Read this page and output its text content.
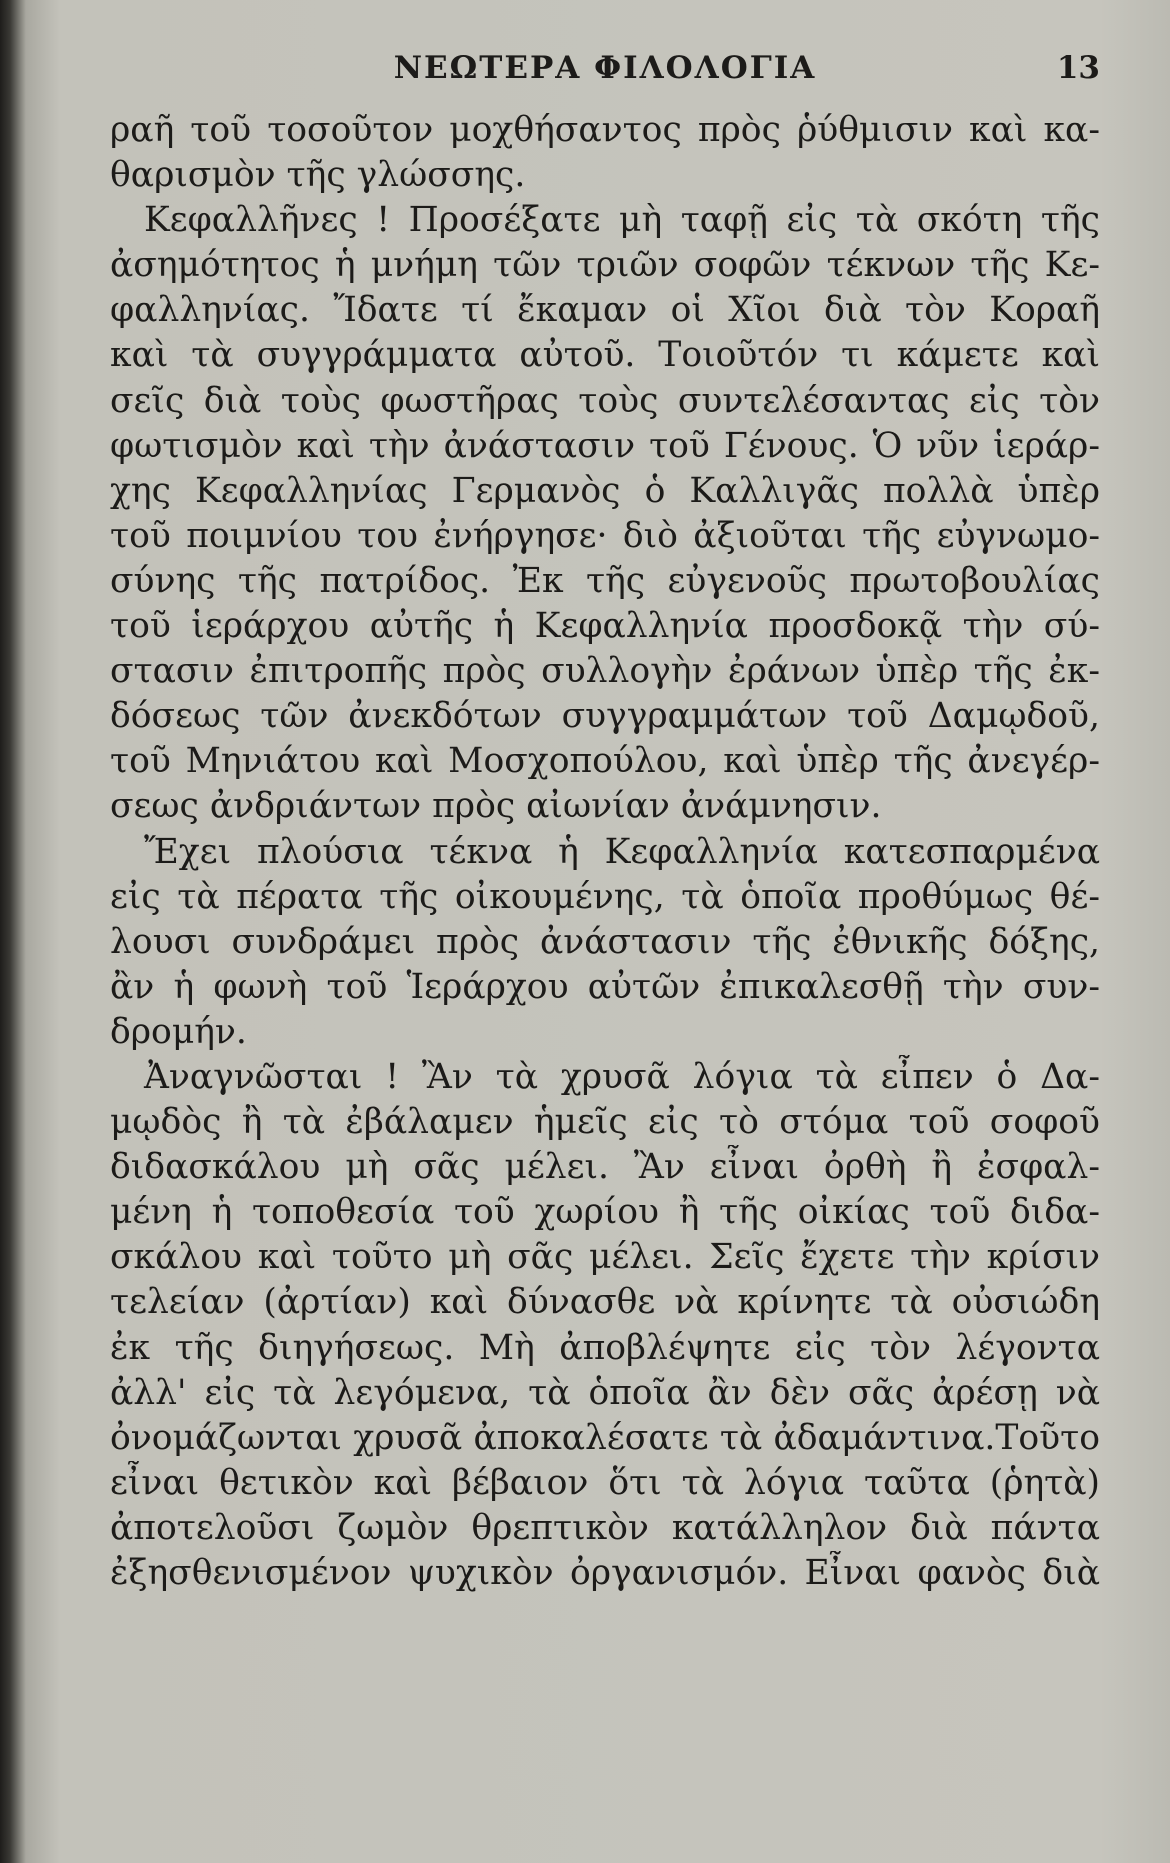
ΝΕΩΤΕΡΑ ΦΙΛΟΛΟΓΙΑ	13
ραῆ τοῦ τοσοῦτον μοχθήσαντος πρὸς ῥύθμισιν καὶ κα-
θαρισμὸν τῆς γλώσσης.
Κεφαλλῆνες ! Προσέξατε μὴ ταφῇ εἰς τὰ σκότη τῆς
ἀσημότητος ἡ μνήμη τῶν τριῶν σοφῶν τέκνων τῆς Κε-
φαλληνίας. Ἴδατε τί ἔκαμαν οἱ Χῖοι διὰ τὸν Κοραῆ
καὶ τὰ συγγράμματα αὐτοῦ. Τοιοῦτόν τι κάμετε καὶ
σεῖς διὰ τοὺς φωστῆρας τοὺς συντελέσαντας εἰς τὸν
φωτισμὸν καὶ τὴν ἀνάστασιν τοῦ Γένους. Ὁ νῦν ἱεράρ-
χης Κεφαλληνίας Γερμανὸς ὁ Καλλιγᾶς πολλὰ ὑπὲρ
τοῦ ποιμνίου του ἐνήργησε· διὸ ἀξιοῦται τῆς εὐγνωμο-
σύνης τῆς πατρίδος. Ἐκ τῆς εὐγενοῦς πρωτοβουλίας
τοῦ ἱεράρχου αὐτῆς ἡ Κεφαλληνία προσδοκᾷ τὴν σύ-
στασιν ἐπιτροπῆς πρὸς συλλογὴν ἐράνων ὑπὲρ τῆς ἐκ-
δόσεως τῶν ἀνεκδότων συγγραμμάτων τοῦ Δαμῳδοῦ,
τοῦ Μηνιάτου καὶ Μοσχοπούλου, καὶ ὑπὲρ τῆς ἀνεγέρ-
σεως ἀνδριάντων πρὸς αἰωνίαν ἀνάμνησιν.
Ἔχει πλούσια τέκνα ἡ Κεφαλληνία κατεσπαρμένα
εἰς τὰ πέρατα τῆς οἰκουμένης, τὰ ὁποῖα προθύμως θέ-
λουσι συνδράμει πρὸς ἀνάστασιν τῆς ἐθνικῆς δόξης,
ἂν ἡ φωνὴ τοῦ Ἱεράρχου αὐτῶν ἐπικαλεσθῇ τὴν συν-
δρομήν.
Ἀναγνῶσται ! Ἂν τὰ χρυσᾶ λόγια τὰ εἶπεν ὁ Δα-
μῳδὸς ἢ τὰ ἐβάλαμεν ἡμεῖς εἰς τὸ στόμα τοῦ σοφοῦ
διδασκάλου μὴ σᾶς μέλει. Ἂν εἶναι ὀρθὴ ἢ ἐσφαλ-
μένη ἡ τοποθεσία τοῦ χωρίου ἢ τῆς οἰκίας τοῦ διδα-
σκάλου καὶ τοῦτο μὴ σᾶς μέλει. Σεῖς ἔχετε τὴν κρίσιν
τελείαν (ἀρτίαν) καὶ δύνασθε νὰ κρίνητε τὰ οὐσιώδη
ἐκ τῆς διηγήσεως. Μὴ ἀποβλέψητε εἰς τὸν λέγοντα
ἀλλ' εἰς τὰ λεγόμενα, τὰ ὁποῖα ἂν δὲν σᾶς ἀρέσῃ νὰ
ὀνομάζωνται χρυσᾶ ἀποκαλέσατε τὰ ἀδαμάντινα.Τοῦτο
εἶναι θετικὸν καὶ βέβαιον ὅτι τὰ λόγια ταῦτα (ῥητὰ)
ἀποτελοῦσι ζωμὸν θρεπτικὸν κατάλληλον διὰ πάντα
ἐξησθενισμένον ψυχικὸν ὀργανισμόν. Εἶναι φανὸς διὰ
